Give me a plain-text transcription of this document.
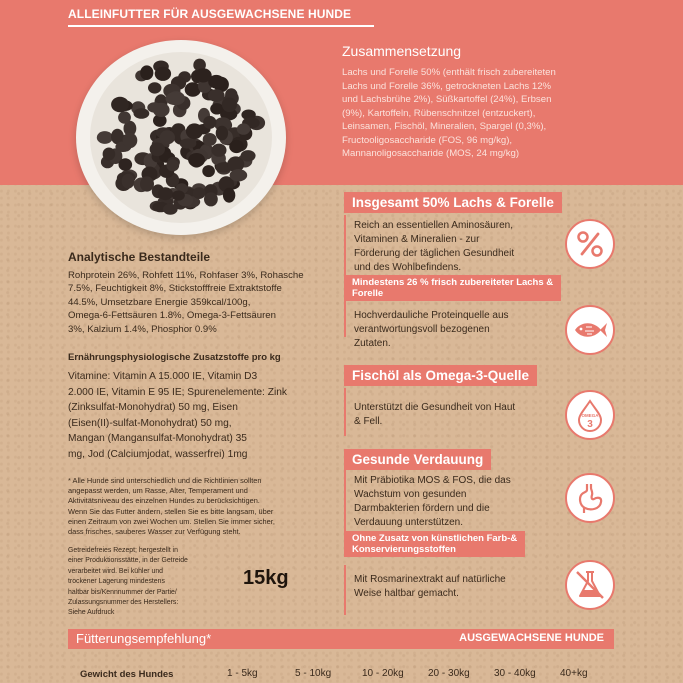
ALLEINFUTTER FÜR AUSGEWACHSENE HUNDE
Zusammensetzung
Lachs und Forelle 50% (enthält frisch zubereiteten
Lachs und Forelle 36%, getrockneten Lachs 12%
und Lachsbrühe 2%), Süßkartoffel (24%), Erbsen
(9%), Kartoffeln, Rübenschnitzel (entzuckert),
Leinsamen, Fischöl, Mineralien, Spargel (0,3%),
Fructooligosaccharide (FOS, 96 mg/kg),
Mannanoligosaccharide (MOS, 24 mg/kg)
Analytische Bestandteile
Rohprotein 26%, Rohfett 11%, Rohfaser 3%, Rohasche
7.5%, Feuchtigkeit 8%, Stickstofffreie Extraktstoffe
44.5%, Umsetzbare Energie 359kcal/100g,
Omega-6-Fettsäuren 1.8%, Omega-3-Fettsäuren
3%, Kalzium 1.4%, Phosphor 0.9%
Ernährungsphysiologische Zusatzstoffe pro kg
Vitamine: Vitamin A 15.000 IE, Vitamin D3
2.000 IE, Vitamin E 95 IE; Spurenelemente: Zink
(Zinksulfat-Monohydrat) 50 mg, Eisen
(Eisen(II)-sulfat-Monohydrat) 50 mg,
Mangan (Mangansulfat-Monohydrat) 35
mg, Jod (Calciumjodat, wasserfrei) 1mg
* Alle Hunde sind unterschiedlich und die Richtlinien sollten
angepasst werden, um Rasse, Alter, Temperament und
Aktivitätsniveau des einzelnen Hundes zu berücksichtigen.
Wenn Sie das Futter ändern, stellen Sie es bitte langsam, über
einen Zeitraum von zwei Wochen um. Stellen Sie immer sicher,
dass frisches, sauberes Wasser zur Verfügung steht.
Getreidefreies Rezept; hergestellt in
einer Produktionsstätte, in der Getreide
verarbeitet wird. Bei kühler und
trockener Lagerung mindestens
haltbar bis/Kennnummer der Partie/
Zulassungsnummer des Herstellers:
Siehe Aufdruck
15kg
Insgesamt 50% Lachs & Forelle
Reich an essentiellen Aminosäuren,
Vitaminen & Mineralien - zur
Förderung der täglichen Gesundheit
und des Wohlbefindens.
Mindestens 26 % frisch zubereiteter Lachs &
Forelle
Hochverdauliche Proteinquelle aus
verantwortungsvoll bezogenen
Zutaten.
Fischöl als Omega-3-Quelle
Unterstützt die Gesundheit von Haut
& Fell.
OMEGA
3
Gesunde Verdauung
Mit Präbiotika MOS & FOS, die das
Wachstum von gesunden
Darmbakterien fördern und die
Verdauung unterstützen.
Ohne Zusatz von künstlichen Farb-&
Konservierungsstoffen
Mit Rosmarinextrakt auf natürliche
Weise haltbar gemacht.
Fütterungsempfehlung*	AUSGEWACHSENE HUNDE
Gewicht des Hundes	1 - 5kg	5 - 10kg	10 - 20kg 20 - 30kg 30 - 40kg 40+kg
